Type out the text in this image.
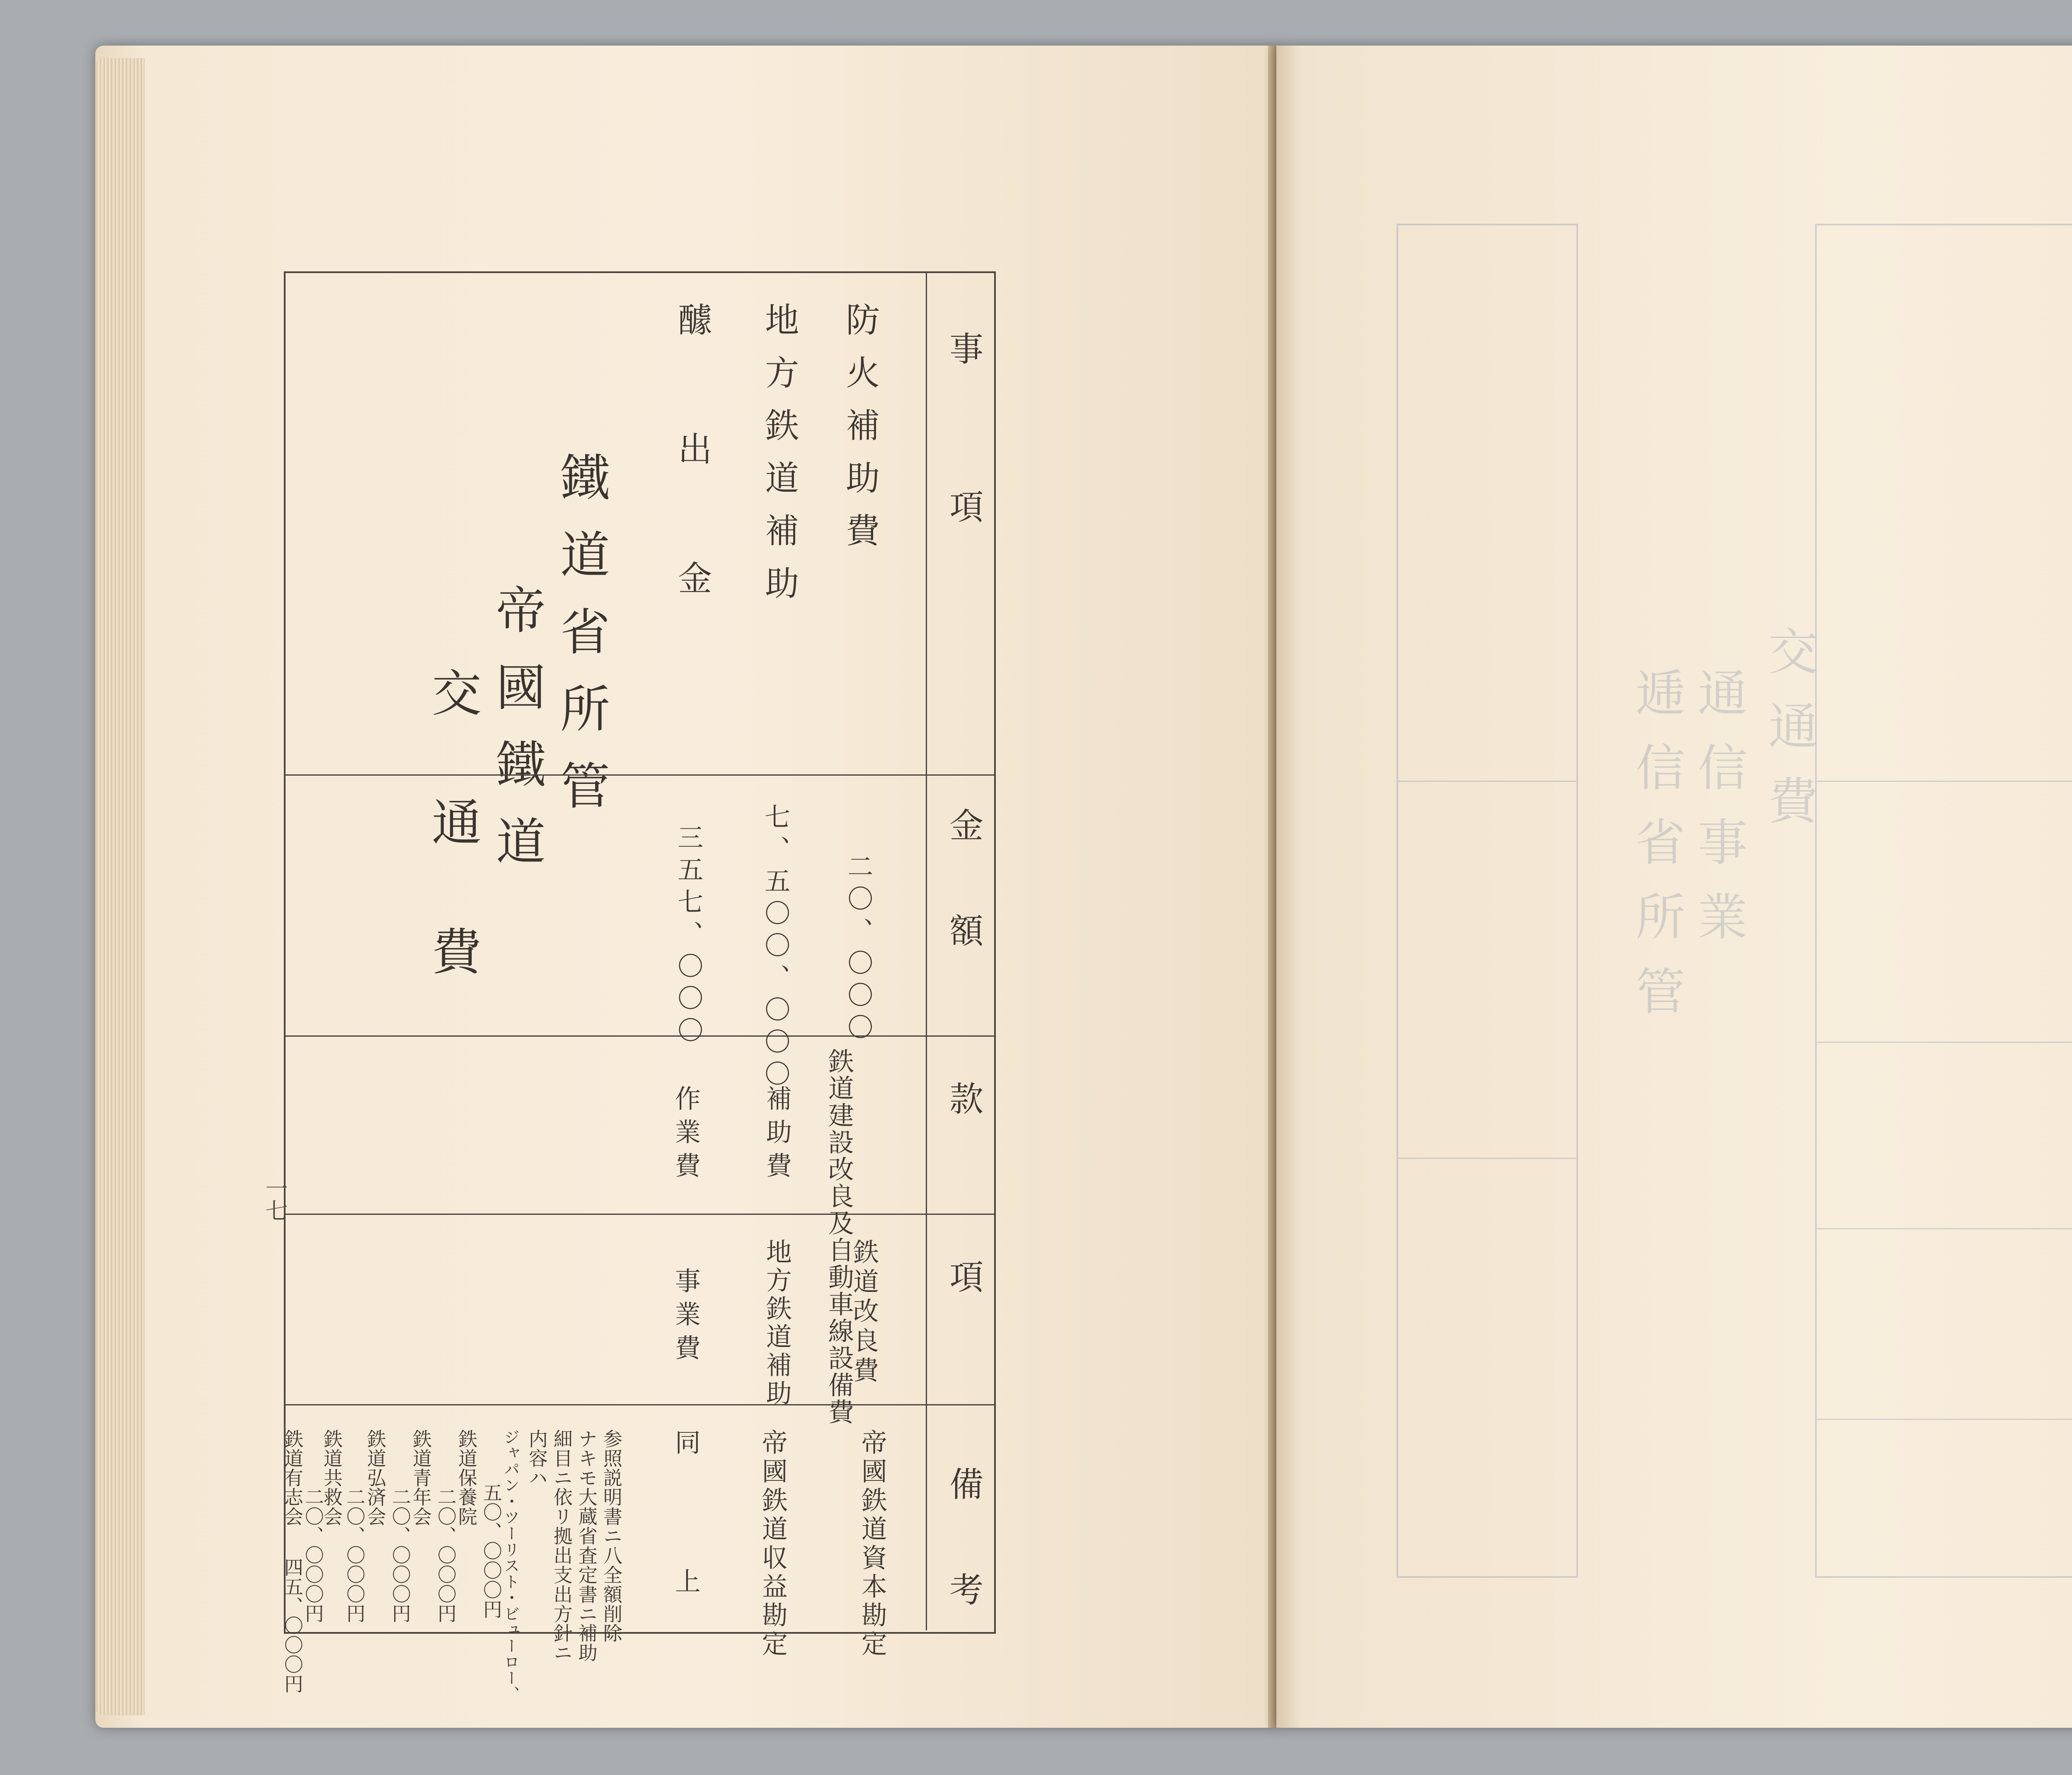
鐵道省所管
帝國鐵道
交通費
事　　項
金　額
款
項
備　考
防火補助費
二〇、〇〇〇
鉄道建設改良及自動車線設備費
鉄道改良費
帝國鉄道資本勘定
地方鉄道補助
七、五〇〇、〇〇〇
補助費
地方鉄道補助
帝國鉄道収益勘定
醵出金
三五七、〇〇〇
作業費
事業費
同　　上
参照説明書ニ八全額削除
ナキモ大蔵省査定書ニ補助
細目ニ依リ拠出支出方針ニ
内容ハ
ジャパン・ツーリスト・ビューロー、
五〇、〇〇〇円
鉄道保養院
二〇、〇〇〇円
鉄道青年会
二〇、〇〇〇円
鉄道弘済会
二〇、〇〇〇円
鉄道共救会
二〇、〇〇〇円
鉄道有志会
四五、〇〇〇円
一七
交通費
通信事業
逓信省所管
